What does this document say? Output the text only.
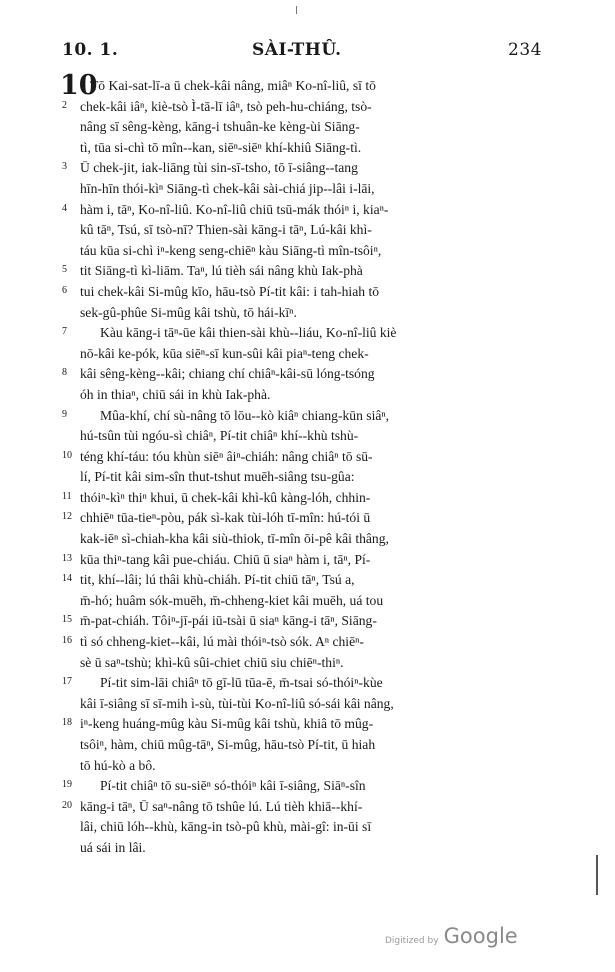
10. 1.	SÀI-THÛ.	234
10
Tō Kai-sat-lī-a ū chek-kâi nâng, miâⁿ Ko-nî-liû, sī tō
2 chek-kâi iâⁿ, kiè-tsò Ì-tā-lī iâⁿ, tsò peh-hu-chiáng, tsò-
nâng sī sêng-kèng, kāng-i tshuân-ke kèng-ùi Siāng-
tì, tūa si-chì tō mîn--kan, siēⁿ-siēⁿ khí-khiû Siāng-tì.
3 Ū chek-jit, iak-liāng tùi sin-sī-tsho, tō ī-siâng--tang
hīn-hīn thói-kìⁿ Siāng-tì chek-kâi sài-chiá jip--lâi i-lāi,
4 hàm i, tāⁿ, Ko-nî-liû. Ko-nî-liû chiū tsū-mák thóiⁿ i, kiaⁿ-
kû tāⁿ, Tsú, sī tsò-nī? Thien-sài kāng-i tāⁿ, Lú-kâi khì-
táu kūa si-chì iⁿ-keng seng-chiēⁿ kàu Siāng-tì mîn-tsôiⁿ,
5 tit Siāng-tì kì-liām. Taⁿ, lú tièh sái nâng khù Iak-phà
6 tui chek-kâi Si-mûg kīo, hāu-tsò Pí-tit kâi: i tah-hiah tō
sek-gû-phûe Si-mûg kâi tshù, tō hái-kīⁿ.
7 Kàu kāng-i tāⁿ-ūe kâi thien-sài khù--liáu, Ko-nî-liû kiè
nō-kâi ke-pók, kūa siēⁿ-sī kun-sûi kâi piaⁿ-teng chek-
8 kâi sêng-kèng--kâi; chiang chí chiâⁿ-kâi-sū lóng-tsóng
óh in thiaⁿ, chiū sái in khù Iak-phà.
9 Mûa-khí, chí sù-nâng tō lōu--kò kiâⁿ chiang-kūn siâⁿ,
hú-tsûn tùi ngóu-sì chiâⁿ, Pí-tit chiâⁿ khí--khù tshù-
10 téng khí-táu: tóu khùn siēⁿ âiⁿ-chiáh: nâng chiâⁿ tō sū-
lí, Pí-tit kâi sim-sîn thut-tshut muēh-siâng tsu-gûa:
11 thóiⁿ-kìⁿ thiⁿ khui, ū chek-kâi khì-kû kàng-lóh, chhin-
12 chhiēⁿ tūa-tieⁿ-pòu, pák sì-kak tùi-lóh tī-mîn: hú-tói ū
kak-iēⁿ sì-chiah-kha kâi siù-thiok, tī-mîn ōi-pê kâi thâng,
13 kūa thiⁿ-tang kâi pue-chiáu. Chiū ū siaⁿ hàm i, tāⁿ, Pí-
14 tit, khí--lâi; lú thâi khù-chiáh. Pí-tit chiū tāⁿ, Tsú a,
m̄-hó; huâm sók-muēh, m̄-chheng-kiet kâi muēh, uá tou
15 m̄-pat-chiáh. Tôiⁿ-jī-pái iū-tsài ū siaⁿ kāng-i tāⁿ, Siāng-
16 tì só chheng-kiet--kâi, lú mài thóiⁿ-tsò sók. Aⁿ chiēⁿ-
sè ū saⁿ-tshù; khì-kû sûi-chiet chiū siu chiēⁿ-thiⁿ.
17 Pí-tit sim-lāi chiâⁿ tō gī-lū tūa-ē, m̄-tsai só-thóiⁿ-kùe
kâi ī-siâng sī sī-mih ì-sù, tùi-tùi Ko-nî-liû só-sái kâi nâng,
18 iⁿ-keng huáng-mûg kàu Si-mûg kâi tshù, khiâ tō mûg-
tsôiⁿ, hàm, chiū mûg-tāⁿ, Si-mûg, hāu-tsò Pí-tit, ū hiah
tō hú-kò a bô.
19 Pí-tit chiâⁿ tō su-siēⁿ só-thóiⁿ kâi ī-siâng, Siāⁿ-sîn
20 kāng-i tāⁿ, Ū saⁿ-nâng tō tshûe lú. Lú tièh khiā--khí-
lâi, chiū lóh--khù, kāng-in tsò-pû khù, mài-gî: in-ūi sī
uá sái in lâi.
Digitized by Google
